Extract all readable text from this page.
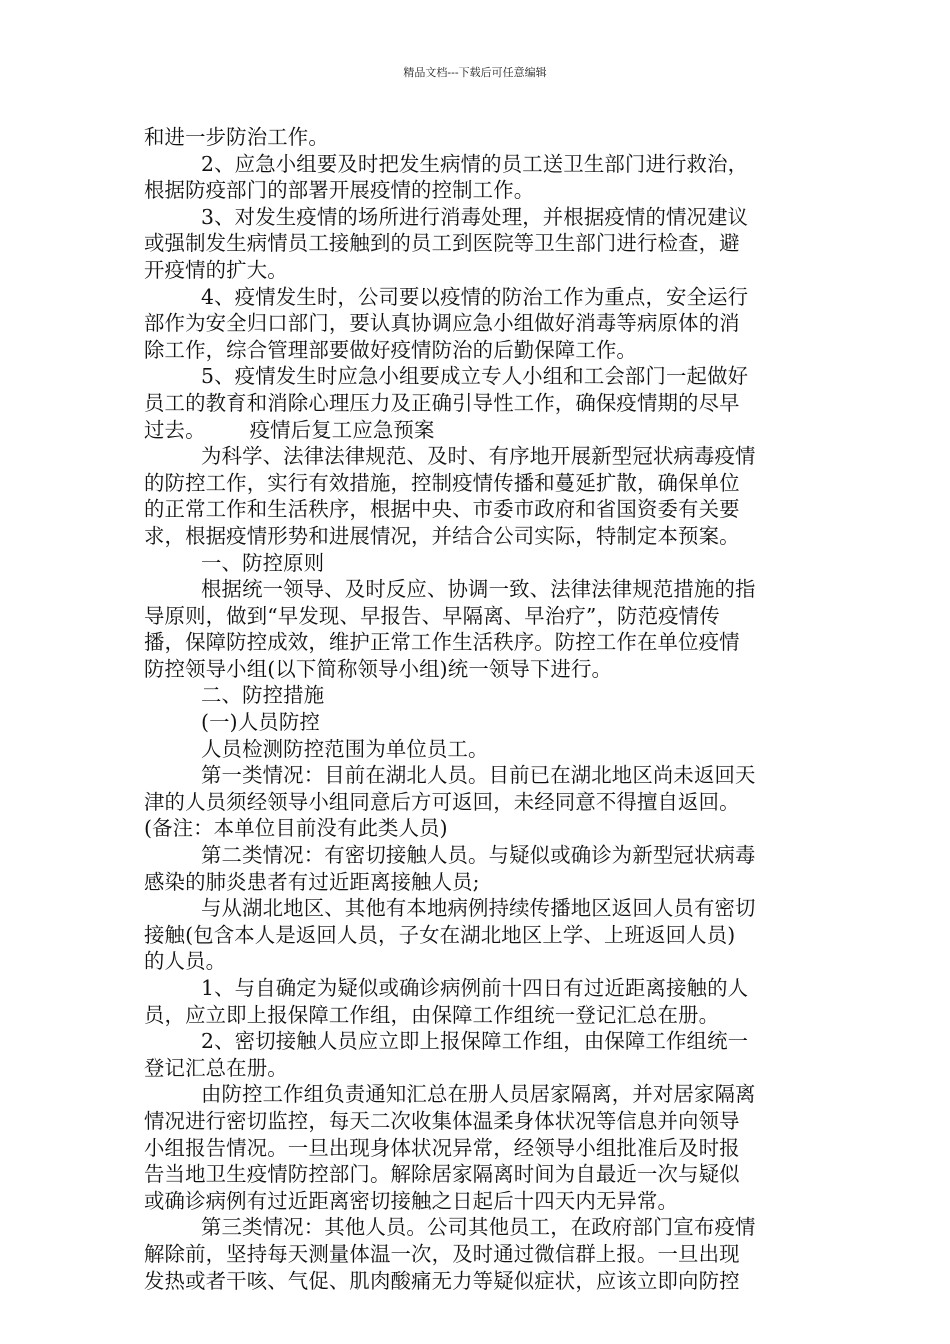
精品文档---下载后可任意编辑
和进一步防治工作。
2、应急小组要及时把发生病情的员工送卫生部门进行救治，
根据防疫部门的部署开展疫情的控制工作。
3、对发生疫情的场所进行消毒处理，并根据疫情的情况建议
或强制发生病情员工接触到的员工到医院等卫生部门进行检查，避
开疫情的扩大。
4、疫情发生时，公司要以疫情的防治工作为重点，安全运行
部作为安全归口部门，要认真协调应急小组做好消毒等病原体的消
除工作，综合管理部要做好疫情防治的后勤保障工作。
5、疫情发生时应急小组要成立专人小组和工会部门一起做好
员工的教育和消除心理压力及正确引导性工作，确保疫情期的尽早
过去。 疫情后复工应急预案
为科学、法律法律规范、及时、有序地开展新型冠状病毒疫情
的防控工作，实行有效措施，控制疫情传播和蔓延扩散，确保单位
的正常工作和生活秩序，根据中央、市委市政府和省国资委有关要
求，根据疫情形势和进展情况，并结合公司实际，特制定本预案。
一、防控原则
根据统一领导、及时反应、协调一致、法律法律规范措施的指
导原则，做到“早发现、早报告、早隔离、早治疗”，防范疫情传
播，保障防控成效，维护正常工作生活秩序。防控工作在单位疫情
防控领导小组(以下简称领导小组)统一领导下进行。
二、防控措施
(一)人员防控
人员检测防控范围为单位员工。
第一类情况：目前在湖北人员。目前已在湖北地区尚未返回天
津的人员须经领导小组同意后方可返回，未经同意不得擅自返回。
(备注：本单位目前没有此类人员)
第二类情况：有密切接触人员。与疑似或确诊为新型冠状病毒
感染的肺炎患者有过近距离接触人员;
与从湖北地区、其他有本地病例持续传播地区返回人员有密切
接触(包含本人是返回人员，子女在湖北地区上学、上班返回人员)
的人员。
1、与自确定为疑似或确诊病例前十四日有过近距离接触的人
员，应立即上报保障工作组，由保障工作组统一登记汇总在册。
2、密切接触人员应立即上报保障工作组，由保障工作组统一
登记汇总在册。
由防控工作组负责通知汇总在册人员居家隔离，并对居家隔离
情况进行密切监控，每天二次收集体温柔身体状况等信息并向领导
小组报告情况。一旦出现身体状况异常，经领导小组批准后及时报
告当地卫生疫情防控部门。解除居家隔离时间为自最近一次与疑似
或确诊病例有过近距离密切接触之日起后十四天内无异常。
第三类情况：其他人员。公司其他员工，在政府部门宣布疫情
解除前，坚持每天测量体温一次，及时通过微信群上报。一旦出现
发热或者干咳、气促、肌肉酸痛无力等疑似症状，应该立即向防控
